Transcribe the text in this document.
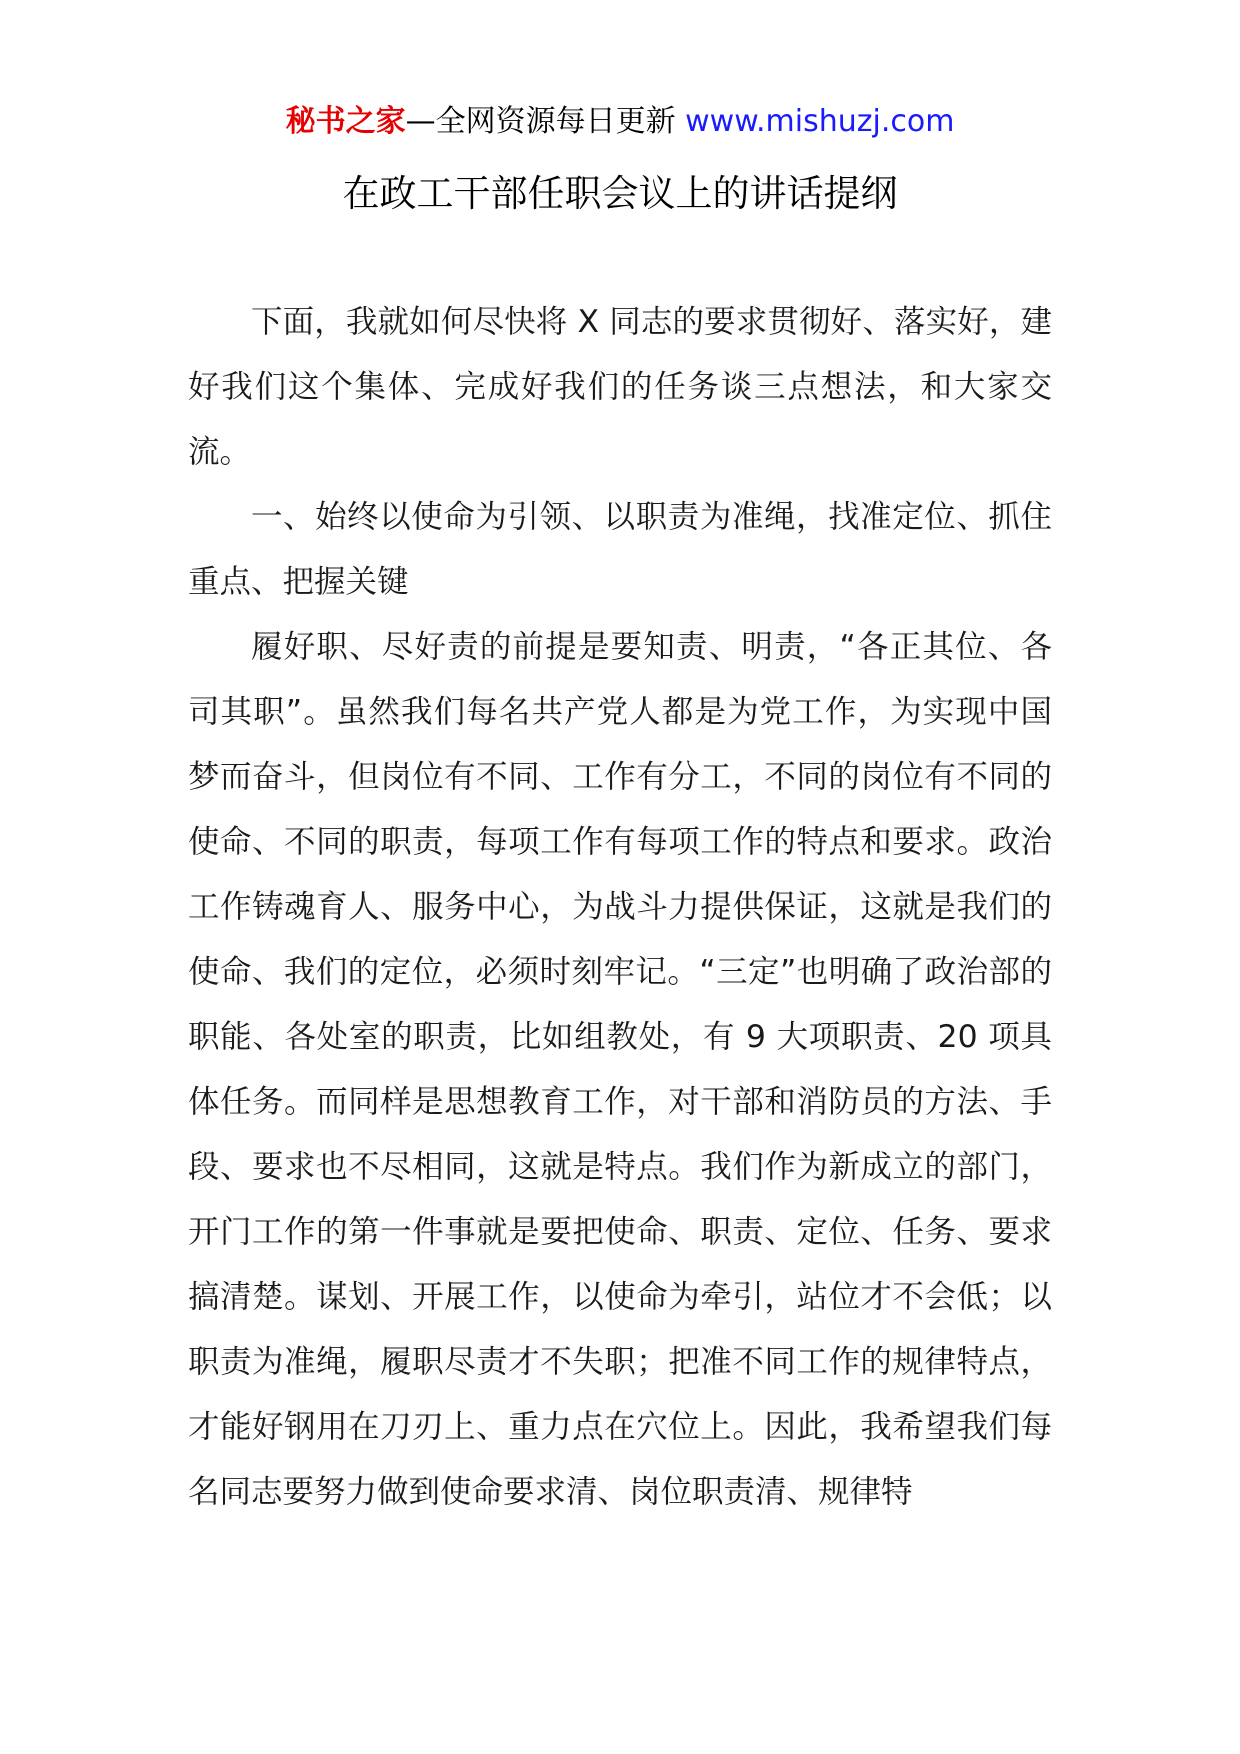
秘书之家—全网资源每日更新 www.mishuzj.com
在政工干部任职会议上的讲话提纲

下面，我就如何尽快将 X 同志的要求贯彻好、落实好，建好我们这个集体、完成好我们的任务谈三点想法，和大家交流。

一、始终以使命为引领、以职责为准绳，找准定位、抓住重点、把握关键

履好职、尽好责的前提是要知责、明责，“各正其位、各司其职”。虽然我们每名共产党人都是为党工作，为实现中国梦而奋斗，但岗位有不同、工作有分工，不同的岗位有不同的使命、不同的职责，每项工作有每项工作的特点和要求。政治工作铸魂育人、服务中心，为战斗力提供保证，这就是我们的使命、我们的定位，必须时刻牢记。“三定”也明确了政治部的职能、各处室的职责，比如组教处，有 9 大项职责、20 项具体任务。而同样是思想教育工作，对干部和消防员的方法、手段、要求也不尽相同，这就是特点。我们作为新成立的部门，开门工作的第一件事就是要把使命、职责、定位、任务、要求搞清楚。谋划、开展工作，以使命为牵引，站位才不会低；以职责为准绳，履职尽责才不失职；把准不同工作的规律特点，才能好钢用在刀刃上、重力点在穴位上。因此，我希望我们每名同志要努力做到使命要求清、岗位职责清、规律特
